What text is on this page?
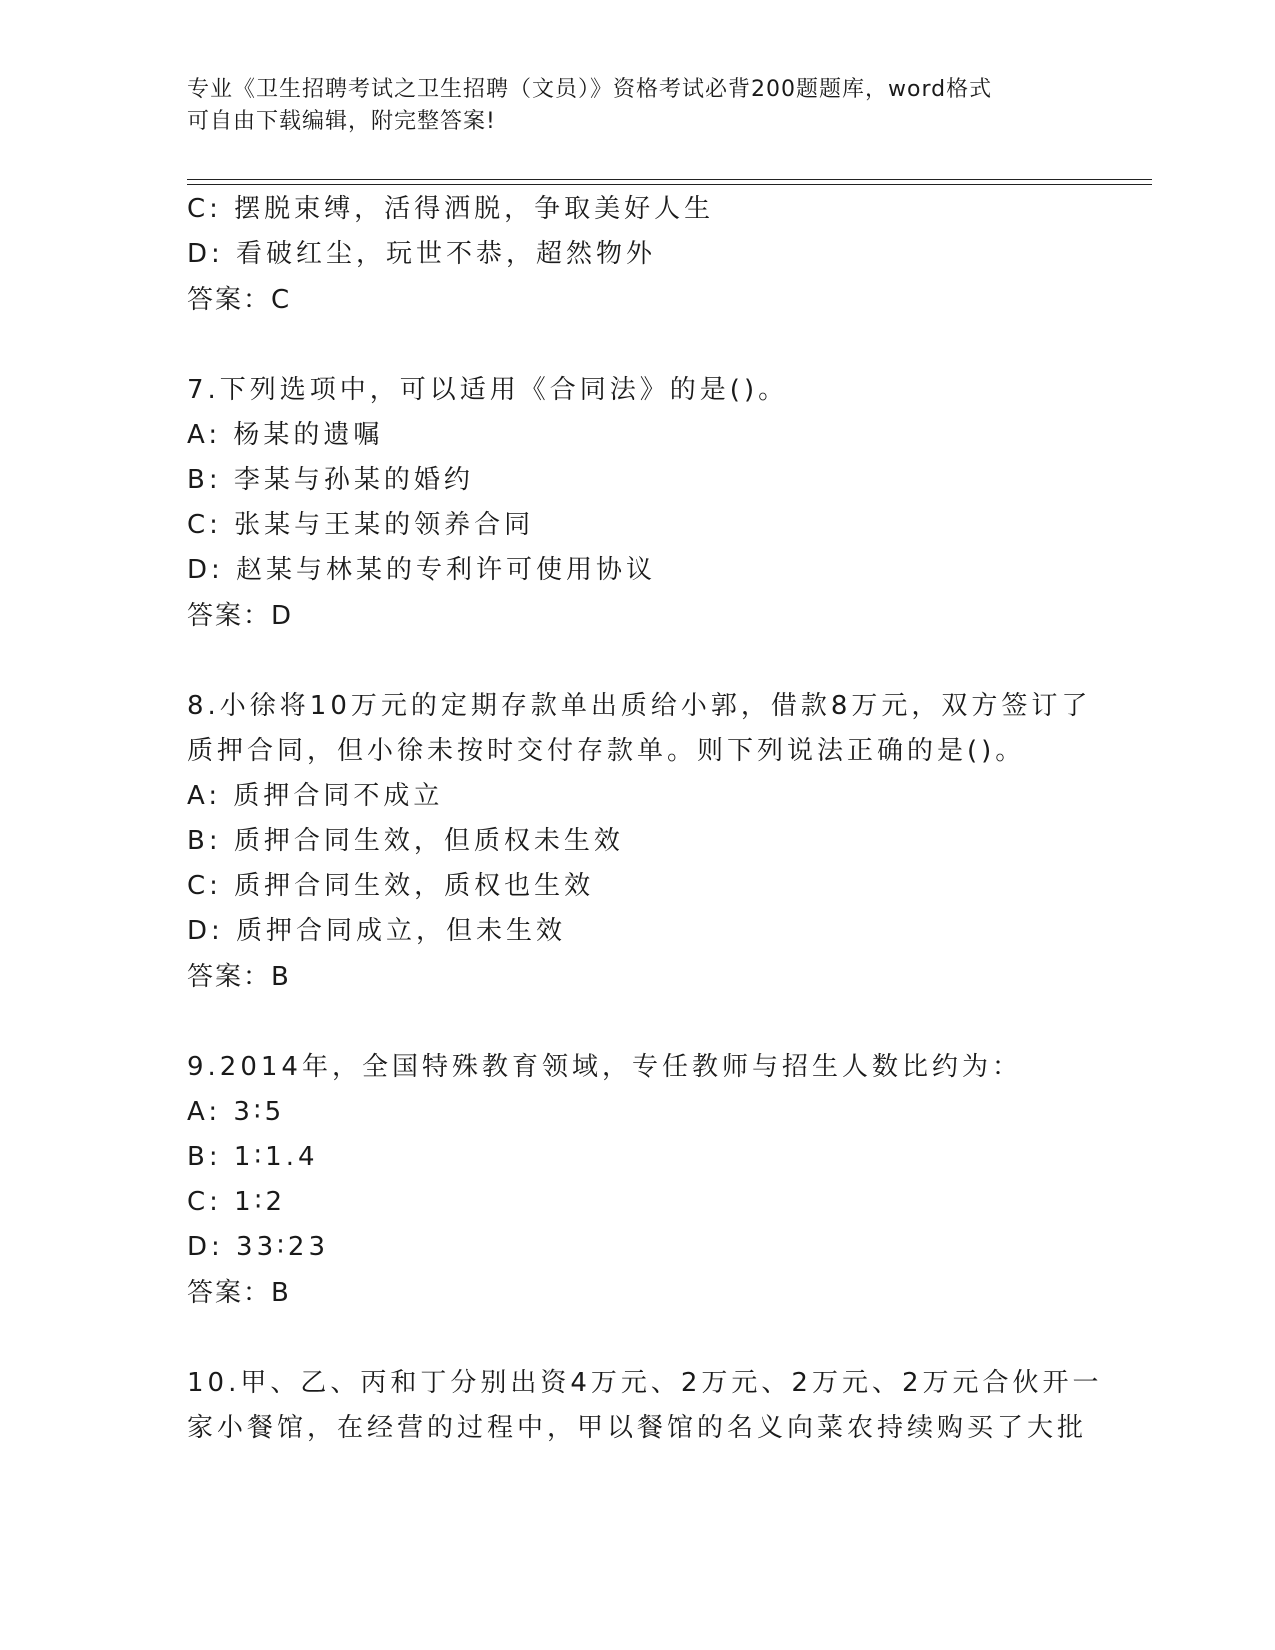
专业《卫生招聘考试之卫生招聘（文员）》资格考试必背200题题库，word格式
可自由下载编辑，附完整答案!
C: 摆脱束缚，活得洒脱，争取美好人生
D: 看破红尘，玩世不恭，超然物外
答案：C
7.下列选项中，可以适用《合同法》的是()。
A: 杨某的遗嘱
B: 李某与孙某的婚约
C: 张某与王某的领养合同
D: 赵某与林某的专利许可使用协议
答案：D
8.小徐将10万元的定期存款单出质给小郭，借款8万元，双方签订了
质押合同，但小徐未按时交付存款单。则下列说法正确的是()。
A: 质押合同不成立
B: 质押合同生效，但质权未生效
C: 质押合同生效，质权也生效
D: 质押合同成立，但未生效
答案：B
9.2014年，全国特殊教育领域，专任教师与招生人数比约为：
A: 3∶5
B: 1∶1.4
C: 1∶2
D: 33∶23
答案：B
10.甲、乙、丙和丁分别出资4万元、2万元、2万元、2万元合伙开一
家小餐馆，在经营的过程中，甲以餐馆的名义向菜农持续购买了大批
